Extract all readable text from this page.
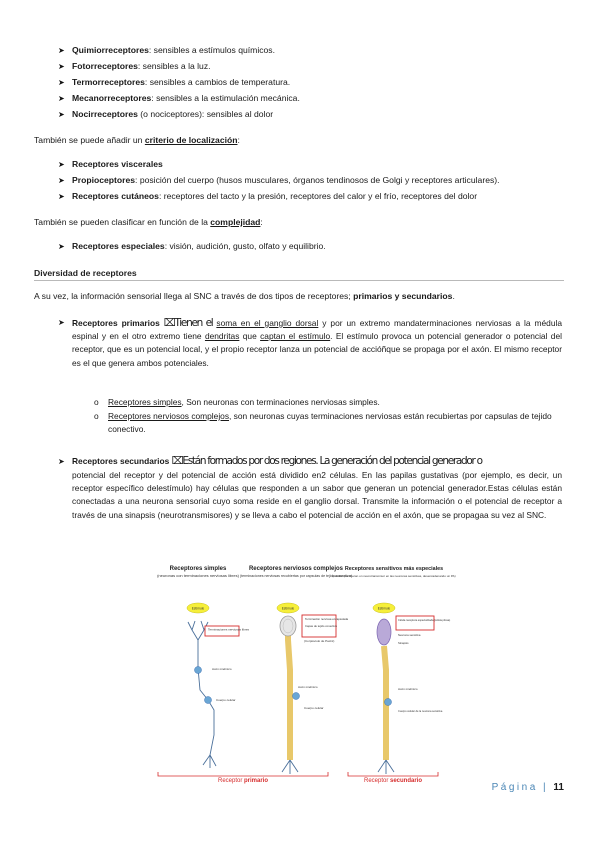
➤ Quimiorreceptores: sensibles a estímulos químicos.
➤ Fotorreceptores: sensibles a la luz.
➤ Termorreceptores: sensibles a cambios de temperatura.
➤ Mecanorreceptores: sensibles a la estimulación mecánica.
➤ Nocirreceptores (o nociceptores): sensibles al dolor
También se puede añadir un criterio de localización:
➤ Receptores viscerales
➤ Propioceptores: posición del cuerpo (husos musculares, órganos tendinosos de Golgi y receptores articulares).
➤ Receptores cutáneos: receptores del tacto y la presión, receptores del calor y el frío, receptores del dolor
También se pueden clasificar en función de la complejidad:
➤ Receptores especiales: visión, audición, gusto, olfato y equilibrio.
Diversidad de receptores
A su vez, la información sensorial llega al SNC a través de dos tipos de receptores; primarios y secundarios.
➤ Receptores primarios ⌧Tienen el soma en el ganglio dorsal y por un extremo mandaterminaciones nerviosas a la médula espinal y en el otro extremo tiene dendritas que captan el estímulo. El estímulo provoca un potencial generador o potencial del receptor, que es un potencial local, y el propio receptor lanza un potencial de accióñque se propaga por el axón. El mismo receptor es el que genera ambos potenciales.
o Receptores simples, Son neuronas con terminaciones nerviosas simples.
o	Receptores nerviosos complejos, son neuronas cuyas terminaciones nerviosas están recubiertas por capsulas de tejido conectivo.
➤ Receptores secundarios ⌧Están formados por dos regiones. La generación del potencial generador o
potencial del receptor y del potencial de acción está dividido en2 células. En las papilas gustativas (por ejemplo, es decir, un receptor específico delestímulo) hay células que responden a un sabor que generan un potencial generador.Estas células están conectadas a una neurona sensorial cuyo soma reside en el ganglio dorsal. Transmite la información o el potencial de receptor a través de una sinapsis (neurotransmisores) y se lleva a cabo el potencial de acción en el axón, que se propagaa su vez al SNC.
Receptores simples
(neuronas con terminaciones nerviosas libres)
Receptores nerviosos complejos
(terminaciones nerviosas recubiertas por capsulas de tejido conectivo)
Receptores sensitivos más especiales
(células que liberan un neurotransmisor en las neuronas sensitivas, desencadenando un PA)
Estímulo	Estímulo	Estímulo
Terminaciones nerviosas libres
Axón mielínico
Cuerpo celular
Terminación nerviosa encapsulada
Capas de tejido conectivo
(Corpúsculo de Pacini)
Axón mielínico
Cuerpo celular
Célula receptora especializada (célula pilosa)
Neurona sensitiva
Sinapsis
Axón mielínico
Cuerpo celular de la neurona sensitiva
Receptor primario	Receptor secundario
Página | 11
